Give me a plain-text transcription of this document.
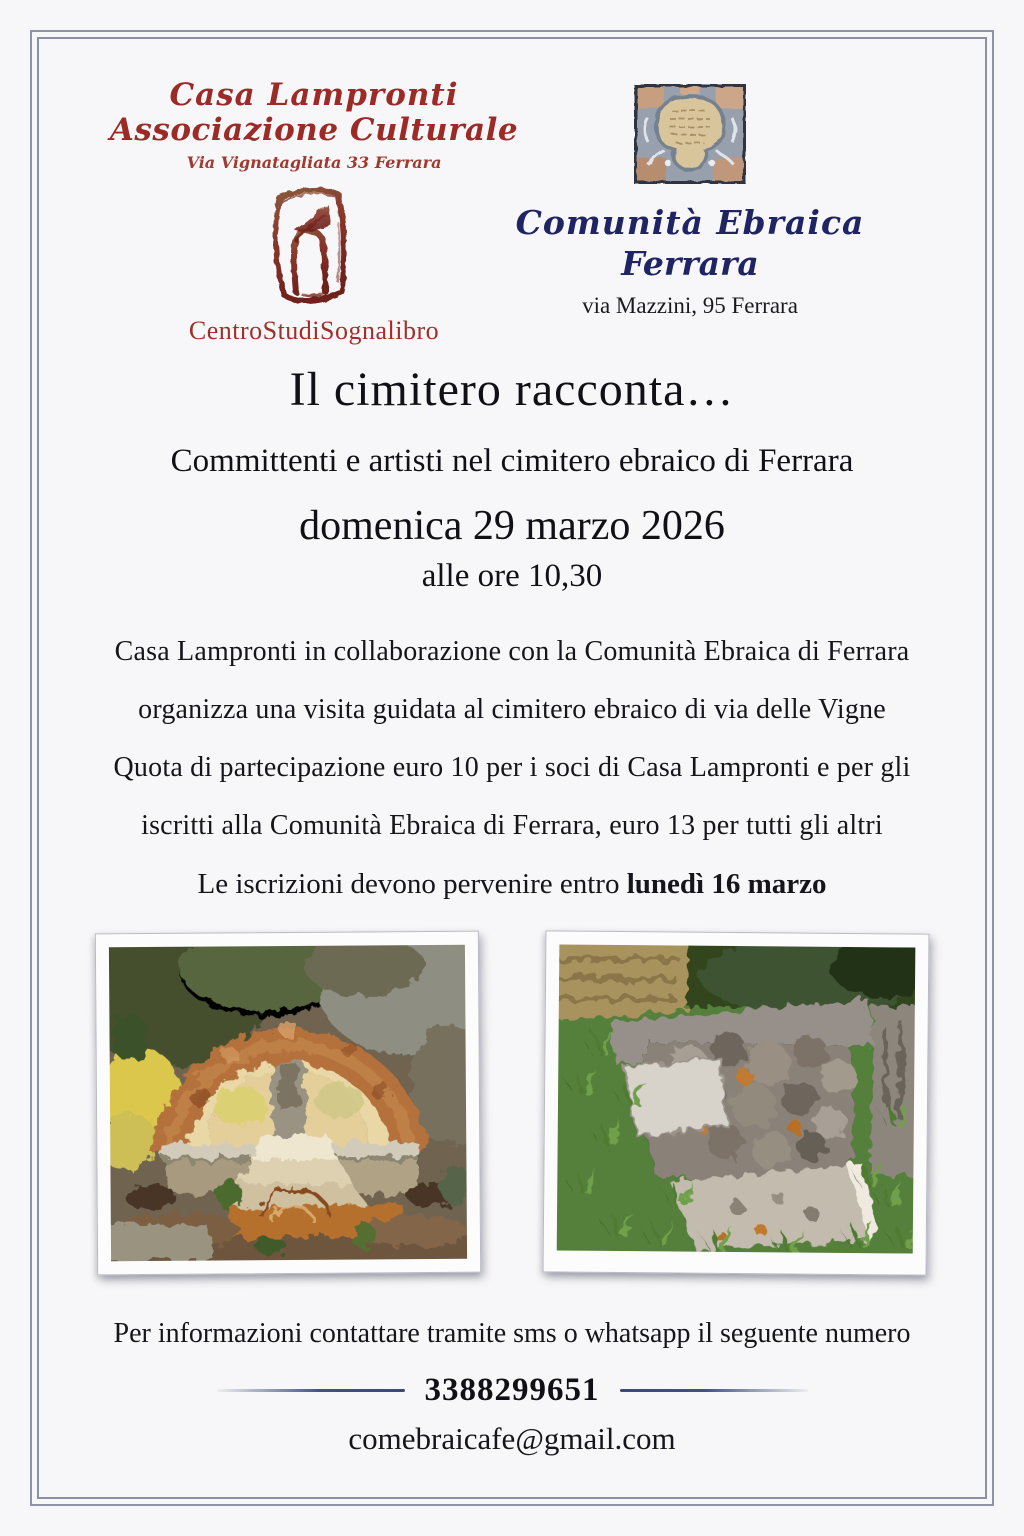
Casa Lampronti
Associazione Culturale
Via Vignatagliata 33 Ferrara
CentroStudiSognalibro
Comunità Ebraica
Ferrara
via Mazzini, 95 Ferrara
Il cimitero racconta…
Committenti e artisti nel cimitero ebraico di Ferrara
domenica 29 marzo 2026
alle ore 10,30
Casa Lampronti in collaborazione con la Comunità Ebraica di Ferrara
organizza una visita guidata al cimitero ebraico di via delle Vigne
Quota di partecipazione euro 10 per i soci di Casa Lampronti e per gli
iscritti alla Comunità Ebraica di Ferrara, euro 13 per tutti gli altri
Le iscrizioni devono pervenire entro lunedì 16 marzo
Per informazioni contattare tramite sms o whatsapp il seguente numero
3388299651
comebraicafe@gmail.com
